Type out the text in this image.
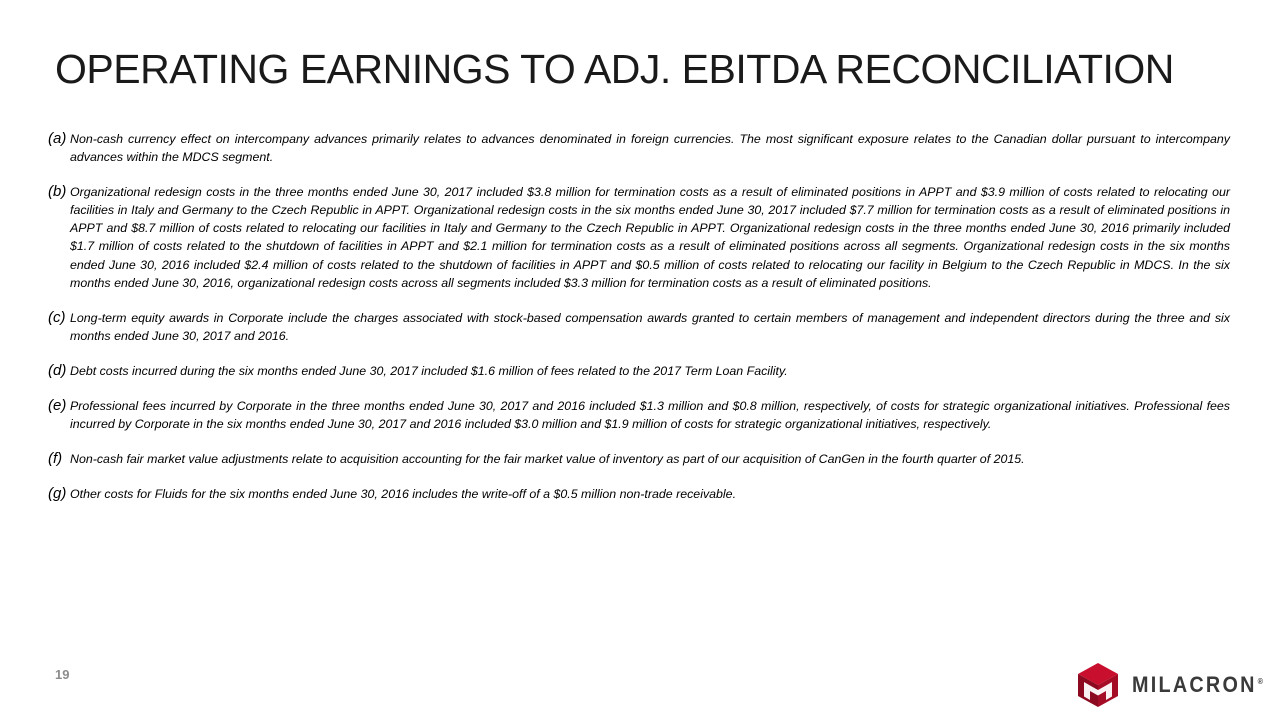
OPERATING EARNINGS TO ADJ. EBITDA RECONCILIATION
(a) Non-cash currency effect on intercompany advances primarily relates to advances denominated in foreign currencies. The most significant exposure relates to the Canadian dollar pursuant to intercompany advances within the MDCS segment.
(b) Organizational redesign costs in the three months ended June 30, 2017 included $3.8 million for termination costs as a result of eliminated positions in APPT and $3.9 million of costs related to relocating our facilities in Italy and Germany to the Czech Republic in APPT. Organizational redesign costs in the six months ended June 30, 2017 included $7.7 million for termination costs as a result of eliminated positions in APPT and $8.7 million of costs related to relocating our facilities in Italy and Germany to the Czech Republic in APPT. Organizational redesign costs in the three months ended June 30, 2016 primarily included $1.7 million of costs related to the shutdown of facilities in APPT and $2.1 million for termination costs as a result of eliminated positions across all segments. Organizational redesign costs in the six months ended June 30, 2016 included $2.4 million of costs related to the shutdown of facilities in APPT and $0.5 million of costs related to relocating our facility in Belgium to the Czech Republic in MDCS. In the six months ended June 30, 2016, organizational redesign costs across all segments included $3.3 million for termination costs as a result of eliminated positions.
(c) Long-term equity awards in Corporate include the charges associated with stock-based compensation awards granted to certain members of management and independent directors during the three and six months ended June 30, 2017 and 2016.
(d) Debt costs incurred during the six months ended June 30, 2017 included $1.6 million of fees related to the 2017 Term Loan Facility.
(e) Professional fees incurred by Corporate in the three months ended June 30, 2017 and 2016 included $1.3 million and $0.8 million, respectively, of costs for strategic organizational initiatives. Professional fees incurred by Corporate in the six months ended June 30, 2017 and 2016 included $3.0 million and $1.9 million of costs for strategic organizational initiatives, respectively.
(f) Non-cash fair market value adjustments relate to acquisition accounting for the fair market value of inventory as part of our acquisition of CanGen in the fourth quarter of 2015.
(g) Other costs for Fluids for the six months ended June 30, 2016 includes the write-off of a $0.5 million non-trade receivable.
19	MILACRON®
